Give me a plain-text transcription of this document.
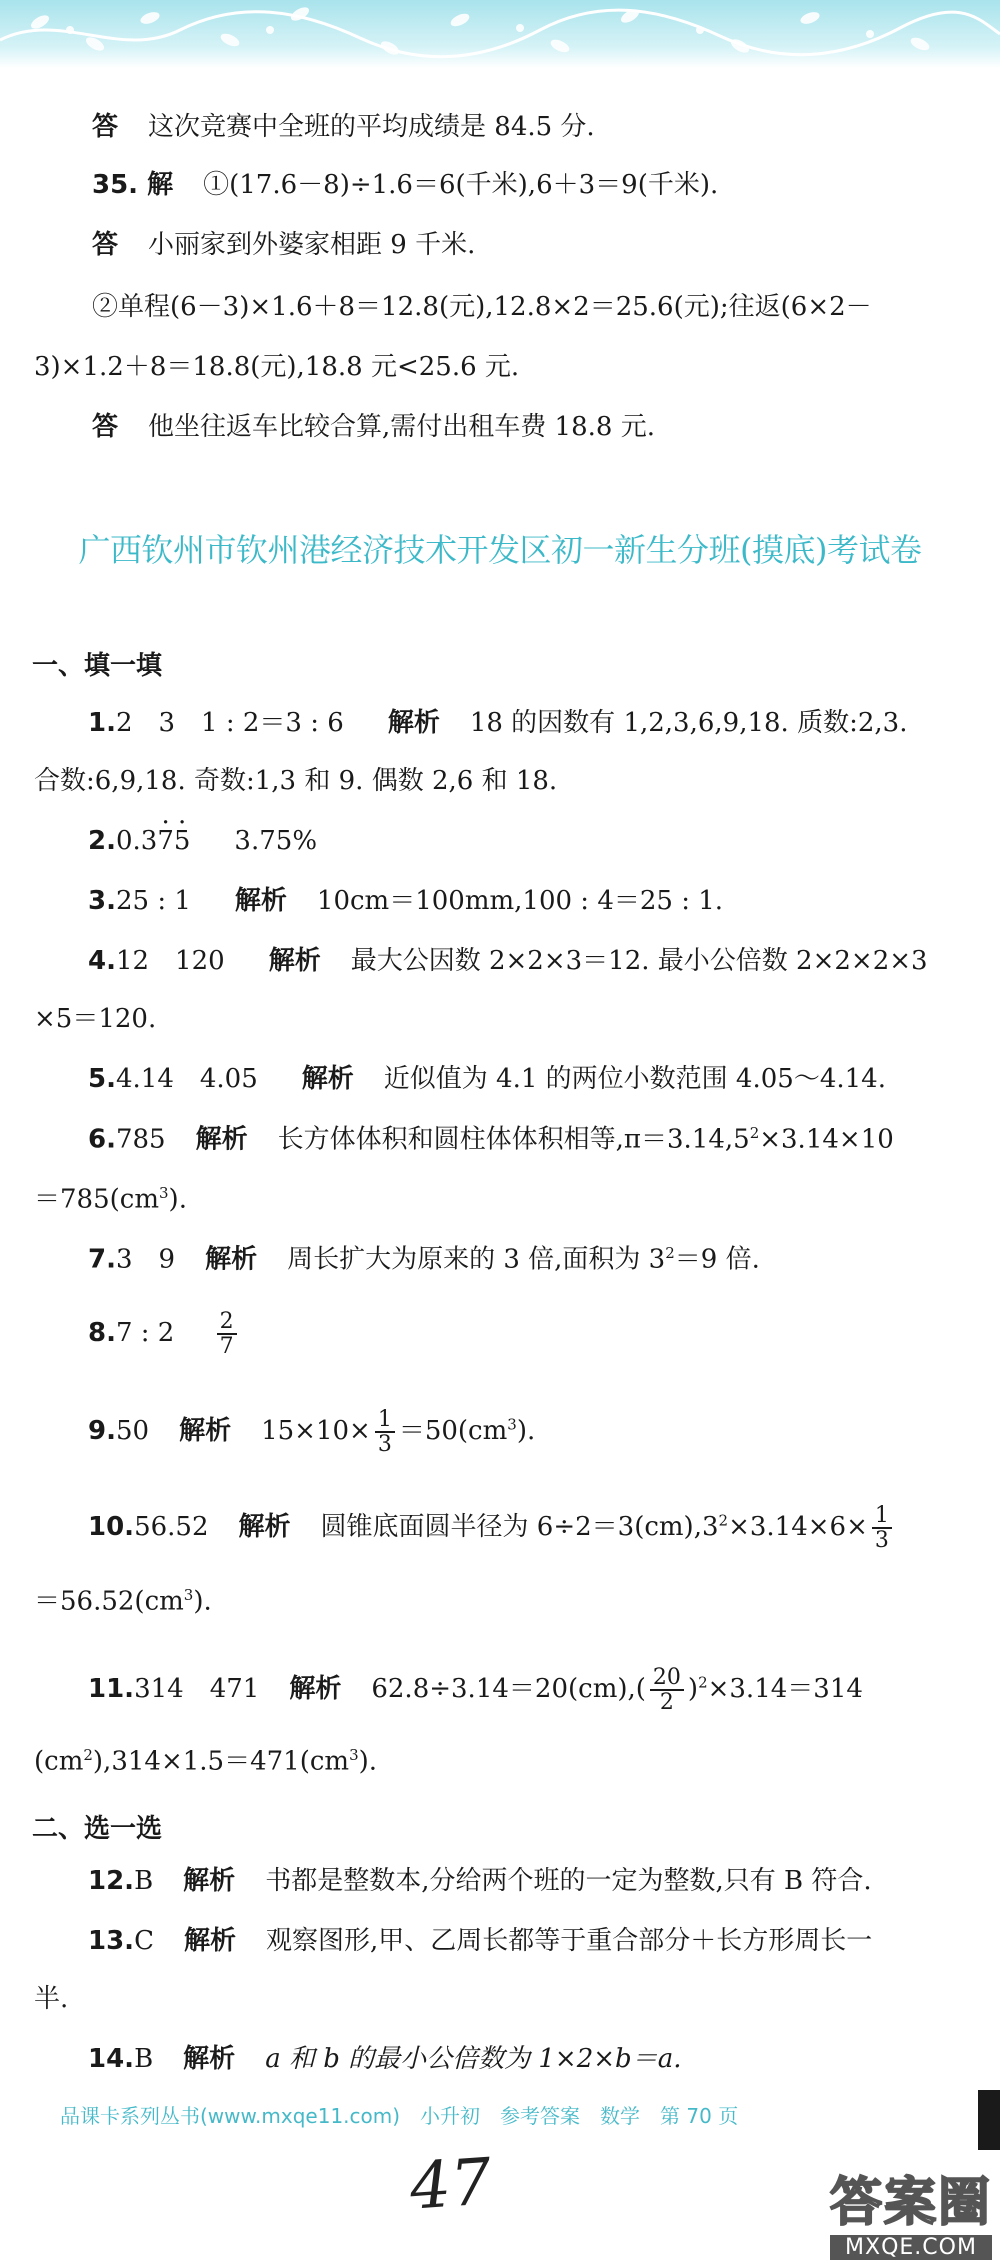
答 这次竞赛中全班的平均成绩是 84.5 分.
35. 解 ①(17.6－8)÷1.6＝6(千米),6＋3＝9(千米).
答 小丽家到外婆家相距 9 千米.
②单程(6－3)×1.6＋8＝12.8(元),12.8×2＝25.6(元);往返(6×2－
3)×1.2＋8＝18.8(元),18.8 元<25.6 元.
答 他坐往返车比较合算,需付出租车费 18.8 元.
广西钦州市钦州港经济技术开发区初一新生分班(摸底)考试卷
一、填一填
1.2　3　1 : 2＝3 : 6 解析 18 的因数有 1,2,3,6,9,18. 质数:2,3.
合数:6,9,18. 奇数:1,3 和 9. 偶数 2,6 和 18.
2.0.3· 7· 5 3.75%
3.25 : 1 解析 10cm＝100mm,100 : 4＝25 : 1.
4.12　120 解析 最大公因数 2×2×3＝12. 最小公倍数 2×2×2×3
×5＝120.
5.4.14　4.05 解析 近似值为 4.1 的两位小数范围 4.05～4.14.
6.785 解析 长方体体积和圆柱体体积相等$,\pi=3.14,5^2\times 3.14\times 10$
$=785(cm^3)$.
7.3　9 解析 周长扩大为原来的 3 倍,面积为 $3^2=9$ 倍.
8.7 : $2 \frac{2}{7}$
9.50 解析 $15\times 10\times \frac{1}{3} =50(cm^3)$.
10.56.52 解析 圆锥底面圆半径为 $6\div 2=3(cm),3^2\times 3.14\times 6\times \frac{1}{3}$
$=56.52(cm^3)$.
11.314　471 解析 $62.8\div 3.14=20(cm),( \frac{20}{2} )^2\times 3.14=314$
$(cm^2),314\times 1.5=471(cm^3)$.
二、选一选
12.B 解析 书都是整数本,分给两个班的一定为整数,只有 B 符合.
13.C 解析 观察图形,甲、乙周长都等于重合部分＋长方形周长一
半.
14.B 解析 a 和 b 的最小公倍数为 1×2×b＝a.
品课卡系列丛书(www.mxqe11.com)　小升初　参考答案　数学　第 70 页
47	答案圈
MXQE.COM
